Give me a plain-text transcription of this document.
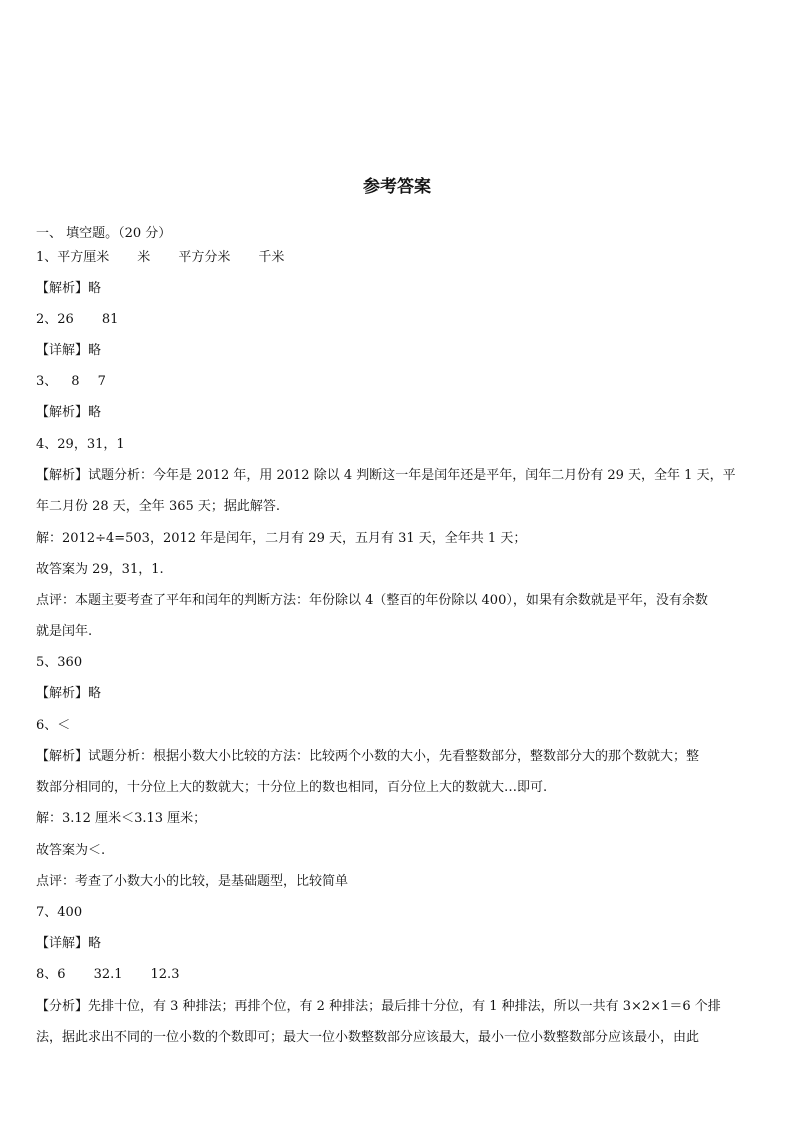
参考答案
一、 填空题。（20 分）
1、平方厘米 米 平方分米 千米
【解析】略
2、26 81
【详解】略
3、 8 7
【解析】略
4、29，31，1
【解析】试题分析：今年是 2012 年，用 2012 除以 4 判断这一年是闰年还是平年，闰年二月份有 29 天，全年 1 天，平
年二月份 28 天，全年 365 天；据此解答.
解：2012÷4=503，2012 年是闰年，二月有 29 天，五月有 31 天，全年共 1 天；
故答案为 29，31，1.
点评：本题主要考查了平年和闰年的判断方法：年份除以 4（整百的年份除以 400），如果有余数就是平年，没有余数
就是闰年.
5、360
【解析】略
6、＜
【解析】试题分析：根据小数大小比较的方法：比较两个小数的大小，先看整数部分，整数部分大的那个数就大；整
数部分相同的，十分位上大的数就大；十分位上的数也相同，百分位上大的数就大…即可.
解：3.12 厘米＜3.13 厘米；
故答案为＜.
点评：考查了小数大小的比较，是基础题型，比较简单
7、400
【详解】略
8、6 32.1 12.3
【分析】先排十位，有 3 种排法；再排个位，有 2 种排法；最后排十分位，有 1 种排法，所以一共有 3×2×1＝6 个排
法，据此求出不同的一位小数的个数即可；最大一位小数整数部分应该最大，最小一位小数整数部分应该最小，由此
